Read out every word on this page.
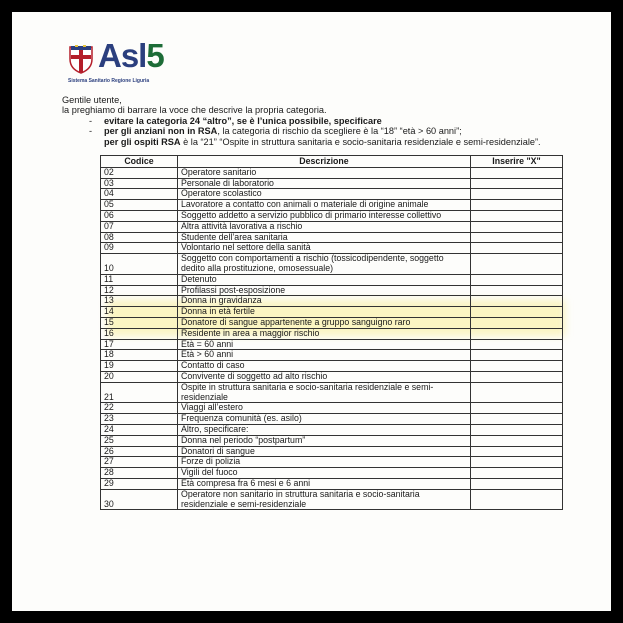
Asl5
Sistema Sanitario Regione Liguria

Gentile utente,

la preghiamo di barrare la voce che descrive la propria categoria.

- evitare la categoria 24 “altro”, se è l’unica possibile, specificare

- per gli anziani non in RSA, la categoria di rischio da scegliere è la “18” “età > 60 anni”;

per gli ospiti RSA è la “21” “Ospite in struttura sanitaria e socio-sanitaria residenziale e semi-residenziale”.

Codice	Descrizione	Inserire "X"
02	Operatore sanitario	
03	Personale di laboratorio	
04	Operatore scolastico	
05	Lavoratore a contatto con animali o materiale di origine animale	
06	Soggetto addetto a servizio pubblico di primario interesse collettivo	
07	Altra attività lavorativa a rischio	
08	Studente dell’area sanitaria	
09	Volontario nel settore della sanità	
10	Soggetto con comportamenti a rischio (tossicodipendente, soggetto dedito alla prostituzione, omosessuale)	
11	Detenuto	
12	Profilassi post-esposizione	
13	Donna in gravidanza	
14	Donna in età fertile	
15	Donatore di sangue appartenente a gruppo sanguigno raro	
16	Residente in area a maggior rischio	
17	Età = 60 anni	
18	Età > 60 anni	
19	Contatto di caso	
20	Convivente di soggetto ad alto rischio	
21	Ospite in struttura sanitaria e socio-sanitaria residenziale e semi-residenziale	
22	Viaggi all’estero	
23	Frequenza comunità (es. asilo)	
24	Altro, specificare:	
25	Donna nel periodo “postpartum”	
26	Donatori di sangue	
27	Forze di polizia	
28	Vigili del fuoco	
29	Età compresa fra 6 mesi e 6 anni	
30	Operatore non sanitario in struttura sanitaria e socio-sanitaria residenziale e semi-residenziale	
